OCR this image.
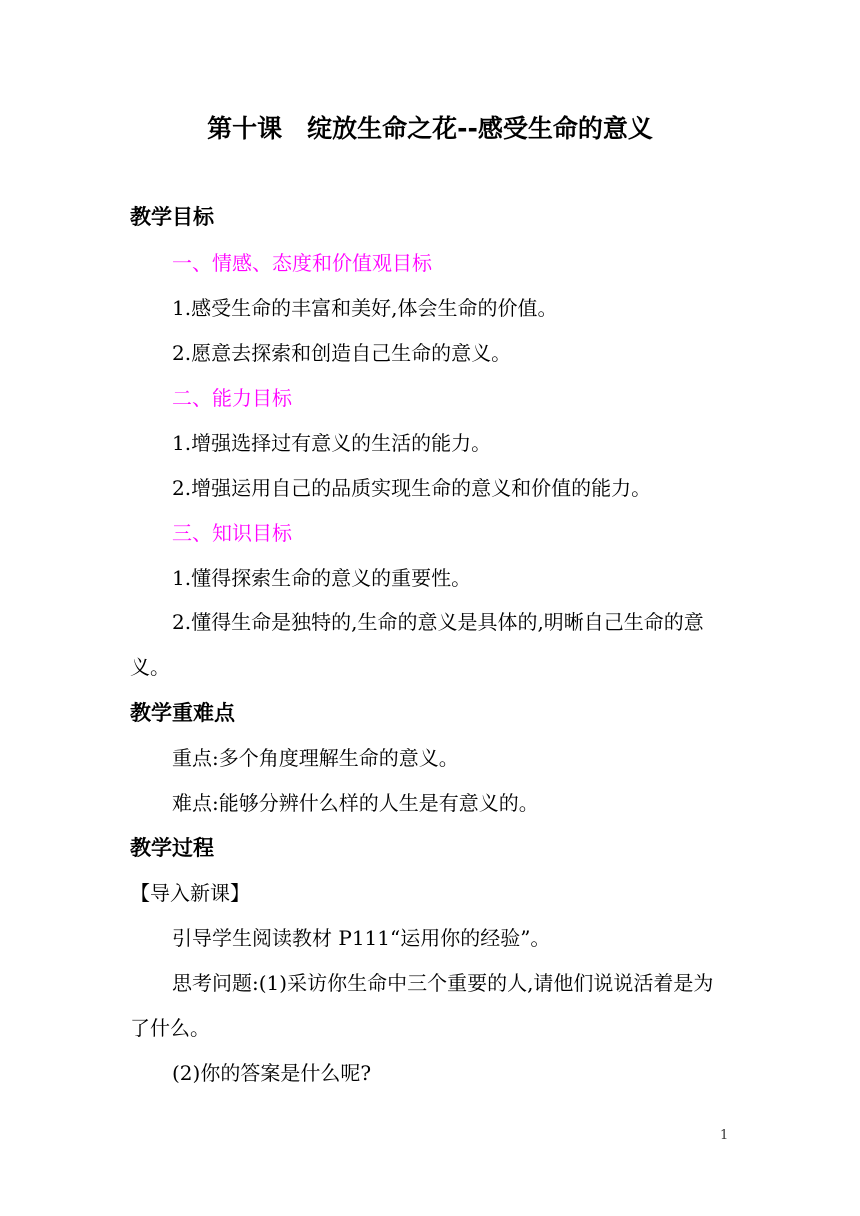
第十课　绽放生命之花--感受生命的意义
教学目标
一、情感、态度和价值观目标
1.感受生命的丰富和美好,体会生命的价值。
2.愿意去探索和创造自己生命的意义。
二、能力目标
1.增强选择过有意义的生活的能力。
2.增强运用自己的品质实现生命的意义和价值的能力。
三、知识目标
1.懂得探索生命的意义的重要性。
2.懂得生命是独特的,生命的意义是具体的,明晰自己生命的意
义。
教学重难点
重点:多个角度理解生命的意义。
难点:能够分辨什么样的人生是有意义的。
教学过程
【导入新课】
引导学生阅读教材 P111“运用你的经验”。
思考问题:(1)采访你生命中三个重要的人,请他们说说活着是为
了什么。
(2)你的答案是什么呢?
1
